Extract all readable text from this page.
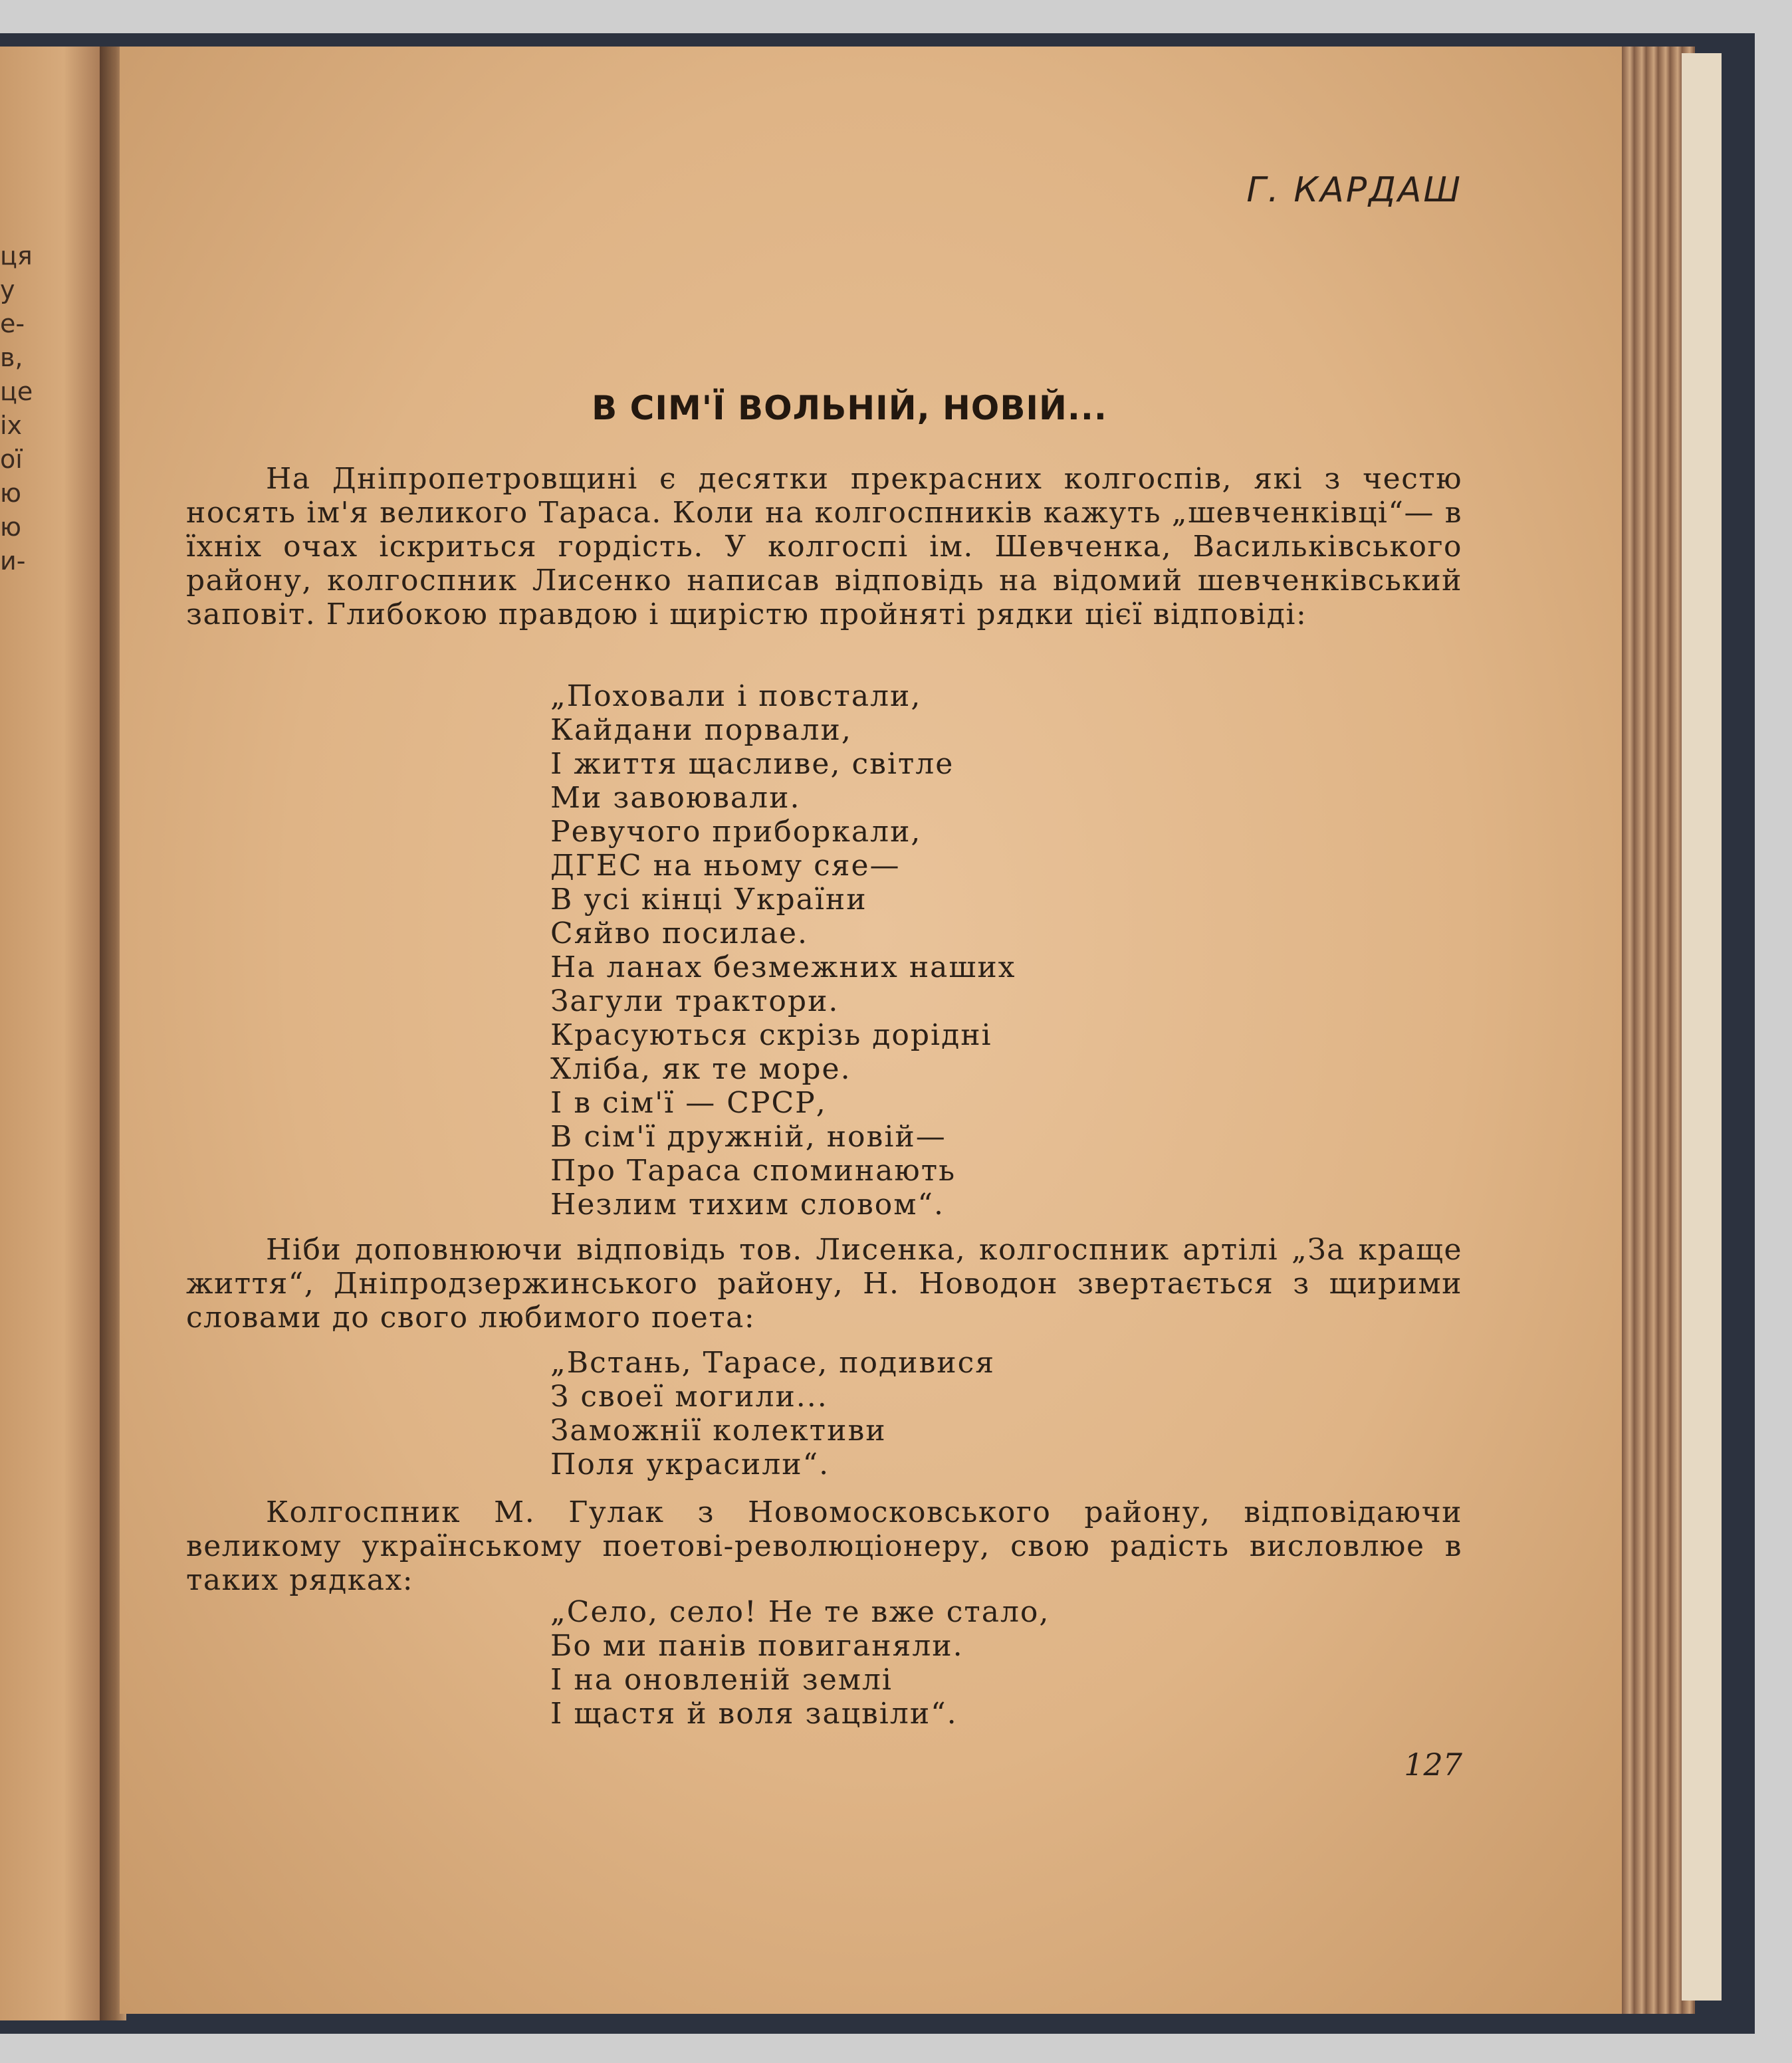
ця
у
е-
в,
це
іх
ої
ю
ю
и-
Г. КАРДАШ
В СІМ'Ї ВОЛЬНІЙ, НОВІЙ...
На Дніпропетровщині є десятки прекрасних колгоспів, які з честю носять ім'я великого Тараса. Коли на колгоспників кажуть „шевченківці“— в їхніх очах іскриться гордість. У колгоспі ім. Шевченка, Васильківського району, колгоспник Лисенко написав відповідь на відомий шевченківський заповіт. Глибокою правдою і щирістю пройняті рядки цієї відповіді:
„Поховали і повстали,
Кайдани порвали,
І життя щасливе, світле
Ми завоювали.
Ревучого приборкали,
ДГЕС на ньому сяе—
В усі кінці України
Сяйво посилае.
На ланах безмежних наших
Загули трактори.
Красуються скрізь дорідні
Хліба, як те море.
І в сім'ї — СРСР,
В сім'ї дружній, новій—
Про Тараса споминають
Незлим тихим словом“.
Ніби доповнюючи відповідь тов. Лисенка, колгоспник артілі „За краще життя“, Дніпродзержинського району, Н. Новодон звертається з щирими словами до свого любимого поета:
„Встань, Тарасе, подивися
З своеї могили...
Заможнії колективи
Поля украсили“.
Колгоспник М. Гулак з Новомосковського району, відповідаючи великому українському поетові-революціонеру, свою радість висловлюе в таких рядках:
„Село, село! Не те вже стало,
Бо ми панів повиганяли.
І на оновленій землі
І щастя й воля зацвіли“.
127
